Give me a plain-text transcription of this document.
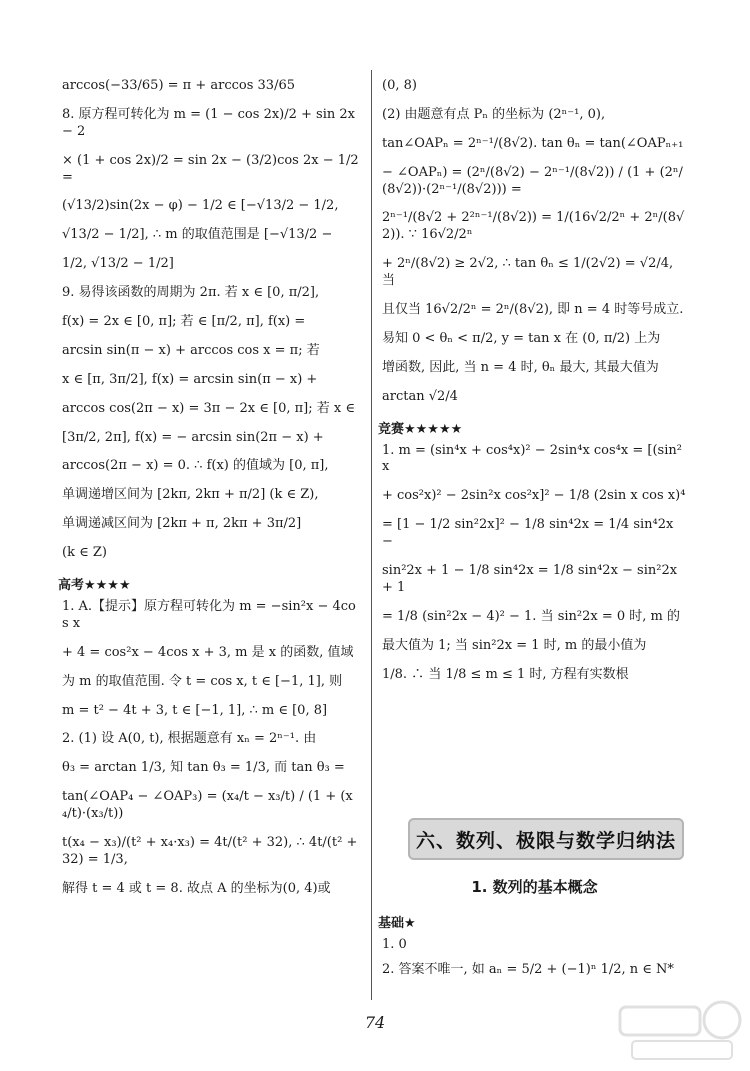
arccos(−33/65) = π + arccos 33/65
8. 原方程可转化为 m = (1 − cos 2x)/2 + sin 2x − 2
× (1 + cos 2x)/2 = sin 2x − (3/2)cos 2x − 1/2 =
(√13/2)sin(2x − φ) − 1/2 ∈ [−√13/2 − 1/2,
√13/2 − 1/2], ∴ m 的取值范围是 [−√13/2 −
1/2, √13/2 − 1/2]
9. 易得该函数的周期为 2π. 若 x ∈ [0, π/2],
f(x) = 2x ∈ [0, π]; 若 ∈ [π/2, π], f(x) =
arcsin sin(π − x) + arccos cos x = π; 若
x ∈ [π, 3π/2], f(x) = arcsin sin(π − x) +
arccos cos(2π − x) = 3π − 2x ∈ [0, π]; 若 x ∈
[3π/2, 2π], f(x) = − arcsin sin(2π − x) +
arccos(2π − x) = 0. ∴ f(x) 的值域为 [0, π],
单调递增区间为 [2kπ, 2kπ + π/2] (k ∈ Z),
单调递减区间为 [2kπ + π, 2kπ + 3π/2]
(k ∈ Z)
高考★★★★
1. A.【提示】原方程可转化为 m = −sin²x − 4cos x
+ 4 = cos²x − 4cos x + 3, m 是 x 的函数, 值域
为 m 的取值范围. 令 t = cos x, t ∈ [−1, 1], 则
m = t² − 4t + 3, t ∈ [−1, 1], ∴ m ∈ [0, 8]
2. (1) 设 A(0, t), 根据题意有 xₙ = 2ⁿ⁻¹. 由
θ₃ = arctan 1/3, 知 tan θ₃ = 1/3, 而 tan θ₃ =
tan(∠OAP₄ − ∠OAP₃) = (x₄/t − x₃/t) / (1 + (x₄/t)·(x₃/t))
t(x₄ − x₃)/(t² + x₄·x₃) = 4t/(t² + 32), ∴ 4t/(t² + 32) = 1/3,
解得 t = 4 或 t = 8. 故点 A 的坐标为(0, 4)或
(0, 8)
(2) 由题意有点 Pₙ 的坐标为 (2ⁿ⁻¹, 0),
tan∠OAPₙ = 2ⁿ⁻¹/(8√2). tan θₙ = tan(∠OAPₙ₊₁
− ∠OAPₙ) = (2ⁿ/(8√2) − 2ⁿ⁻¹/(8√2)) / (1 + (2ⁿ/(8√2))·(2ⁿ⁻¹/(8√2))) =
2ⁿ⁻¹/(8√2 + 2²ⁿ⁻¹/(8√2)) = 1/(16√2/2ⁿ + 2ⁿ/(8√2)). ∵ 16√2/2ⁿ
+ 2ⁿ/(8√2) ≥ 2√2, ∴ tan θₙ ≤ 1/(2√2) = √2/4, 当
且仅当 16√2/2ⁿ = 2ⁿ/(8√2), 即 n = 4 时等号成立.
易知 0 < θₙ < π/2, y = tan x 在 (0, π/2) 上为
增函数, 因此, 当 n = 4 时, θₙ 最大, 其最大值为
arctan √2/4
竞赛★★★★★
1. m = (sin⁴x + cos⁴x)² − 2sin⁴x cos⁴x = [(sin²x
+ cos²x)² − 2sin²x cos²x]² − 1/8 (2sin x cos x)⁴
= [1 − 1/2 sin²2x]² − 1/8 sin⁴2x = 1/4 sin⁴2x −
sin²2x + 1 − 1/8 sin⁴2x = 1/8 sin⁴2x − sin²2x + 1
= 1/8 (sin²2x − 4)² − 1. 当 sin²2x = 0 时, m 的
最大值为 1; 当 sin²2x = 1 时, m 的最小值为
1/8. ∴ 当 1/8 ≤ m ≤ 1 时, 方程有实数根
六、数列、极限与数学归纳法
1. 数列的基本概念
基础★
1. 0
2. 答案不唯一, 如 aₙ = 5/2 + (−1)ⁿ 1/2, n ∈ N*
74
